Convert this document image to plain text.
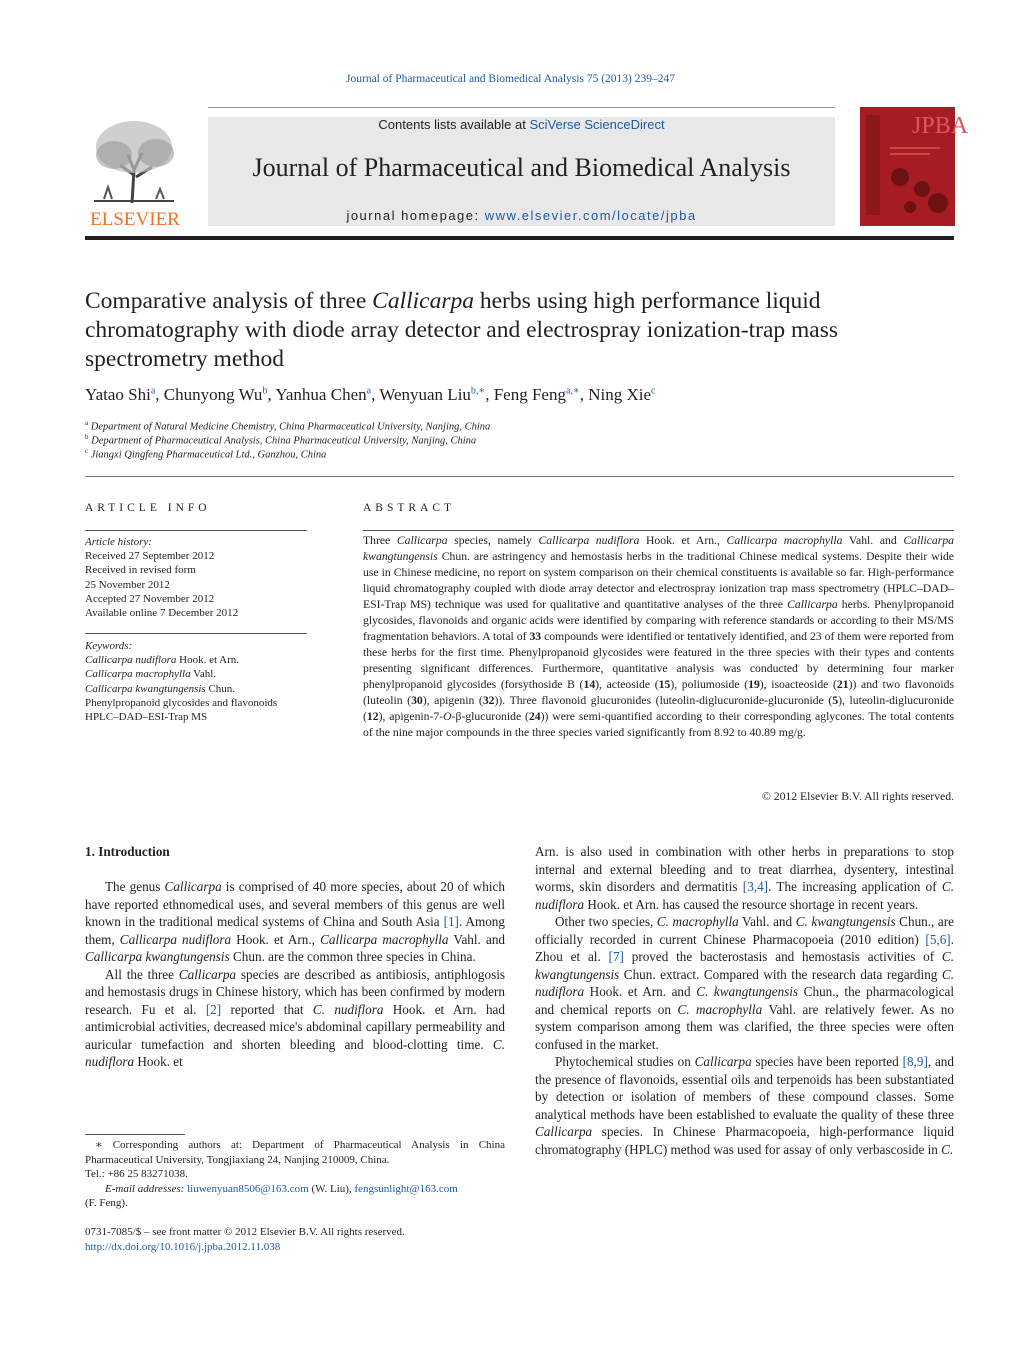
Journal of Pharmaceutical and Biomedical Analysis 75 (2013) 239–247
ELSEVIER
Contents lists available at SciVerse ScienceDirect
Journal of Pharmaceutical and Biomedical Analysis
journal homepage: www.elsevier.com/locate/jpba
JPBA
Comparative analysis of three Callicarpa herbs using high performance liquid chromatography with diode array detector and electrospray ionization-trap mass spectrometry method
Yatao Shi$^a$, Chunyong Wu$^b$, Yanhua Chen$^a$, Wenyuan Liu$^{b,∗}$, Feng Feng$^{a,∗}$, Ning Xie$^c$
$^a$ Department of Natural Medicine Chemistry, China Pharmaceutical University, Nanjing, China
$^b$ Department of Pharmaceutical Analysis, China Pharmaceutical University, Nanjing, China
$^c$ Jiangxi Qingfeng Pharmaceutical Ltd., Ganzhou, China
ARTICLE INFO
Article history:
Received 27 September 2012
Received in revised form
25 November 2012
Accepted 27 November 2012
Available online 7 December 2012
Keywords:
Callicarpa nudiflora Hook. et Arn.
Callicarpa macrophylla Vahl.
Callicarpa kwangtungensis Chun.
Phenylpropanoid glycosides and flavonoids
HPLC–DAD–ESI-Trap MS
ABSTRACT
Three Callicarpa species, namely Callicarpa nudiflora Hook. et Arn., Callicarpa macrophylla Vahl. and Callicarpa kwangtungensis Chun. are astringency and hemostasis herbs in the traditional Chinese medical systems. Despite their wide use in Chinese medicine, no report on system comparison on their chemical constituents is available so far. High-performance liquid chromatography coupled with diode array detector and electrospray ionization trap mass spectrometry (HPLC–DAD–ESI-Trap MS) technique was used for qualitative and quantitative analyses of the three Callicarpa herbs. Phenylpropanoid glycosides, flavonoids and organic acids were identified by comparing with reference standards or according to their MS/MS fragmentation behaviors. A total of 33 compounds were identified or tentatively identified, and 23 of them were reported from these herbs for the first time. Phenylpropanoid glycosides were featured in the three species with their types and contents presenting significant differences. Furthermore, quantitative analysis was conducted by determining four marker phenylpropanoid glycosides (forsythoside B (14), acteoside (15), poliumoside (19), isoacteoside (21)) and two flavonoids (luteolin (30), apigenin (32)). Three flavonoid glucuronides (luteolin-diglucuronide-glucuronide (5), luteolin-diglucuronide (12), apigenin-7-O-β-glucuronide (24)) were semi-quantified according to their corresponding aglycones. The total contents of the nine major compounds in the three species varied significantly from 8.92 to 40.89 mg/g.
© 2012 Elsevier B.V. All rights reserved.
1. Introduction

The genus Callicarpa is comprised of 40 more species, about 20 of which have reported ethnomedical uses, and several members of this genus are well known in the traditional medical systems of China and South Asia [1]. Among them, Callicarpa nudiflora Hook. et Arn., Callicarpa macrophylla Vahl. and Callicarpa kwangtungensis Chun. are the common three species in China.

All the three Callicarpa species are described as antibiosis, antiphlogosis and hemostasis drugs in Chinese history, which has been confirmed by modern research. Fu et al. [2] reported that C. nudiflora Hook. et Arn. had antimicrobial activities, decreased mice's abdominal capillary permeability and auricular tumefaction and shorten bleeding and blood-clotting time. C. nudiflora Hook. et

Arn. is also used in combination with other herbs in preparations to stop internal and external bleeding and to treat diarrhea, dysentery, intestinal worms, skin disorders and dermatitis [3,4]. The increasing application of C. nudiflora Hook. et Arn. has caused the resource shortage in recent years.

Other two species, C. macrophylla Vahl. and C. kwangtungensis Chun., are officially recorded in current Chinese Pharmacopoeia (2010 edition) [5,6]. Zhou et al. [7] proved the bacterostasis and hemostasis activities of C. kwangtungensis Chun. extract. Compared with the research data regarding C. nudiflora Hook. et Arn. and C. kwangtungensis Chun., the pharmacological and chemical reports on C. macrophylla Vahl. are relatively fewer. As no system comparison among them was clarified, the three species were often confused in the market.

Phytochemical studies on Callicarpa species have been reported [8,9], and the presence of flavonoids, essential oils and terpenoids has been substantiated by detection or isolation of members of these compound classes. Some analytical methods have been established to evaluate the quality of these three Callicarpa species. In Chinese Pharmacopoeia, high-performance liquid chromatography (HPLC) method was used for assay of only verbascoside in C.

∗ Corresponding authors at: Department of Pharmaceutical Analysis in China Pharmaceutical University, Tongjiaxiang 24, Nanjing 210009, China.
Tel.: +86 25 83271038.
E-mail addresses: liuwenyuan8506@163.com (W. Liu), fengsunlight@163.com
(F. Feng).
0731-7085/$ – see front matter © 2012 Elsevier B.V. All rights reserved.
http://dx.doi.org/10.1016/j.jpba.2012.11.038
